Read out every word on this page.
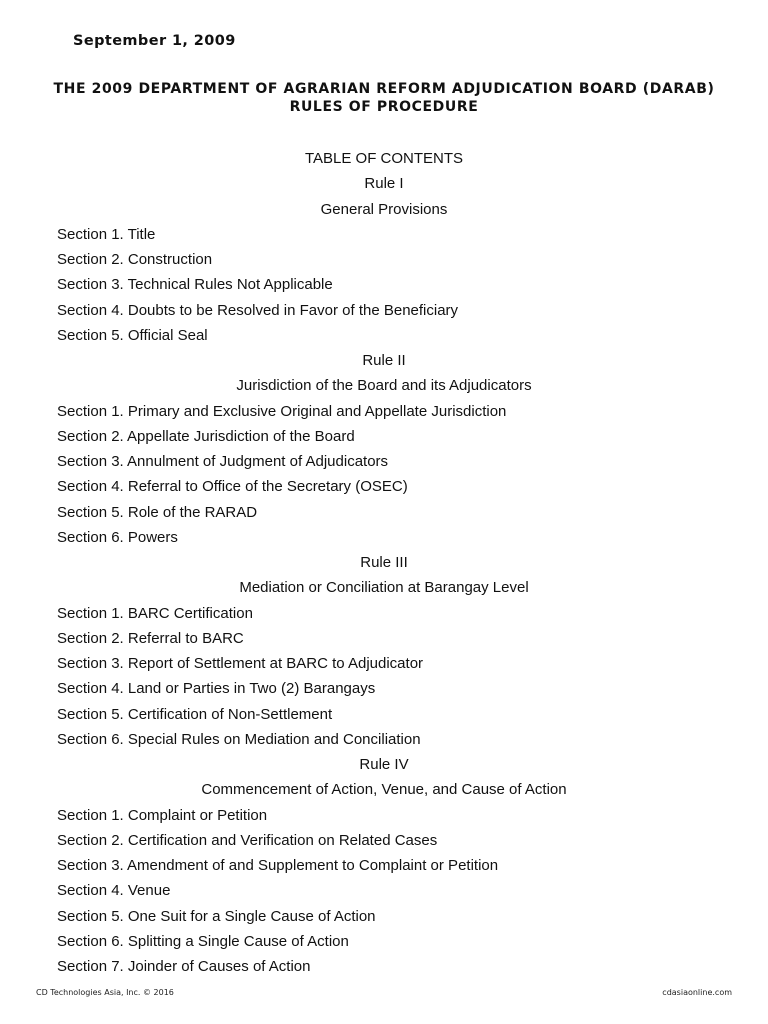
September 1, 2009
THE 2009 DEPARTMENT OF AGRARIAN REFORM ADJUDICATION BOARD (DARAB)
RULES OF PROCEDURE
TABLE OF CONTENTS
Rule I
General Provisions
Section 1. Title
Section 2. Construction
Section 3. Technical Rules Not Applicable
Section 4. Doubts to be Resolved in Favor of the Beneficiary
Section 5. Official Seal
Rule II
Jurisdiction of the Board and its Adjudicators
Section 1. Primary and Exclusive Original and Appellate Jurisdiction
Section 2. Appellate Jurisdiction of the Board
Section 3. Annulment of Judgment of Adjudicators
Section 4. Referral to Office of the Secretary (OSEC)
Section 5. Role of the RARAD
Section 6. Powers
Rule III
Mediation or Conciliation at Barangay Level
Section 1. BARC Certification
Section 2. Referral to BARC
Section 3. Report of Settlement at BARC to Adjudicator
Section 4. Land or Parties in Two (2) Barangays
Section 5. Certification of Non-Settlement
Section 6. Special Rules on Mediation and Conciliation
Rule IV
Commencement of Action, Venue, and Cause of Action
Section 1. Complaint or Petition
Section 2. Certification and Verification on Related Cases
Section 3. Amendment of and Supplement to Complaint or Petition
Section 4. Venue
Section 5. One Suit for a Single Cause of Action
Section 6. Splitting a Single Cause of Action
Section 7. Joinder of Causes of Action
CD Technologies Asia, Inc. © 2016	cdasiaonline.com
